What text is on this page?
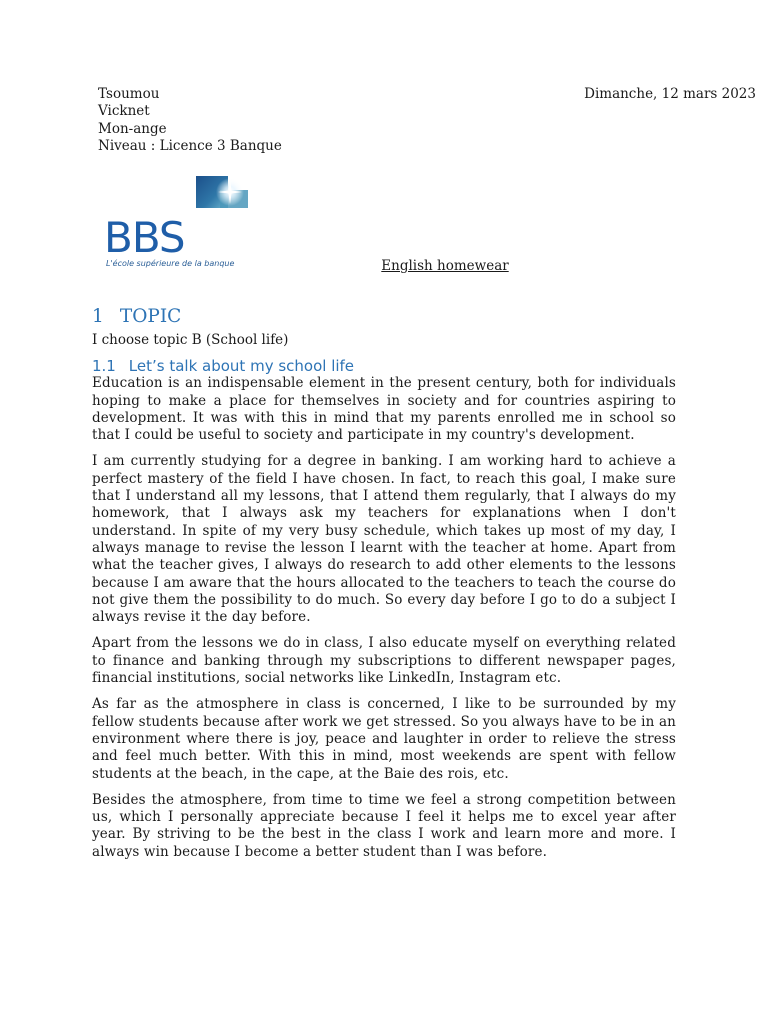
Tsoumou
Vicknet
Mon-ange
Niveau : Licence 3 Banque
Dimanche, 12 mars 2023
BBS
L'école supérieure de la banque	English homewear
1 TOPIC
I choose topic B (School life)
1.1 Let’s talk about my school life

Education is an indispensable element in the present century, both for individuals hoping to make a place for themselves in society and for countries aspiring to development. It was with this in mind that my parents enrolled me in school so that I could be useful to society and participate in my country's development.

I am currently studying for a degree in banking. I am working hard to achieve a perfect mastery of the field I have chosen. In fact, to reach this goal, I make sure that I understand all my lessons, that I attend them regularly, that I always do my homework, that I always ask my teachers for explanations when I don't understand. In spite of my very busy schedule, which takes up most of my day, I always manage to revise the lesson I learnt with the teacher at home. Apart from what the teacher gives, I always do research to add other elements to the lessons because I am aware that the hours allocated to the teachers to teach the course do not give them the possibility to do much. So every day before I go to do a subject I always revise it the day before.

Apart from the lessons we do in class, I also educate myself on everything related to finance and banking through my subscriptions to different newspaper pages, financial institutions, social networks like LinkedIn, Instagram etc.

As far as the atmosphere in class is concerned, I like to be surrounded by my fellow students because after work we get stressed. So you always have to be in an environment where there is joy, peace and laughter in order to relieve the stress and feel much better. With this in mind, most weekends are spent with fellow students at the beach, in the cape, at the Baie des rois, etc.

Besides the atmosphere, from time to time we feel a strong competition between us, which I personally appreciate because I feel it helps me to excel year after year. By striving to be the best in the class I work and learn more and more. I always win because I become a better student than I was before.
